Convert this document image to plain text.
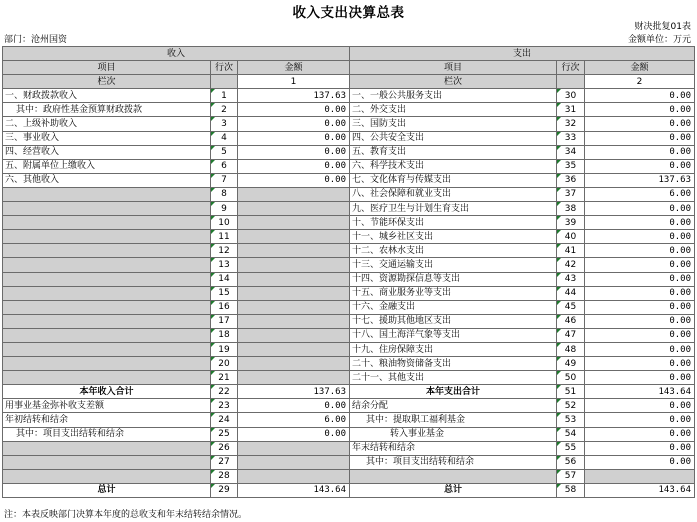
收入支出决算总表
财决批复01表
部门：沧州国资	金额单位：万元
收入			支出		
项目	行次	金额	项目	行次	金额
栏次		1	栏次		2
一、财政拨款收入	1	137.63	一、一般公共服务支出	30	0.00
其中：政府性基金预算财政拨款	2	0.00	二、外交支出	31	0.00
二、上级补助收入	3	0.00	三、国防支出	32	0.00
三、事业收入	4	0.00	四、公共安全支出	33	0.00
四、经营收入	5	0.00	五、教育支出	34	0.00
五、附属单位上缴收入	6	0.00	六、科学技术支出	35	0.00
六、其他收入	7	0.00	七、文化体育与传媒支出	36	137.63
	8		八、社会保障和就业支出	37	6.00
	9		九、医疗卫生与计划生育支出	38	0.00
	10		十、节能环保支出	39	0.00
	11		十一、城乡社区支出	40	0.00
	12		十二、农林水支出	41	0.00
	13		十三、交通运输支出	42	0.00
	14		十四、资源勘探信息等支出	43	0.00
	15		十五、商业服务业等支出	44	0.00
	16		十六、金融支出	45	0.00
	17		十七、援助其他地区支出	46	0.00
	18		十八、国土海洋气象等支出	47	0.00
	19		十九、住房保障支出	48	0.00
	20		二十、粮油物资储备支出	49	0.00
	21		二十一、其他支出	50	0.00
本年收入合计	22	137.63	本年支出合计	51	143.64
用事业基金弥补收支差额	23	0.00	结余分配	52	0.00
年初结转和结余	24	6.00	其中：提取职工福利基金	53	0.00
其中：项目支出结转和结余	25	0.00	转入事业基金	54	0.00
	26		年末结转和结余	55	0.00
	27		其中：项目支出结转和结余	56	0.00
	28			57	
总计	29	143.64	总计	58	143.64
注：本表反映部门决算本年度的总收支和年末结转结余情况。
